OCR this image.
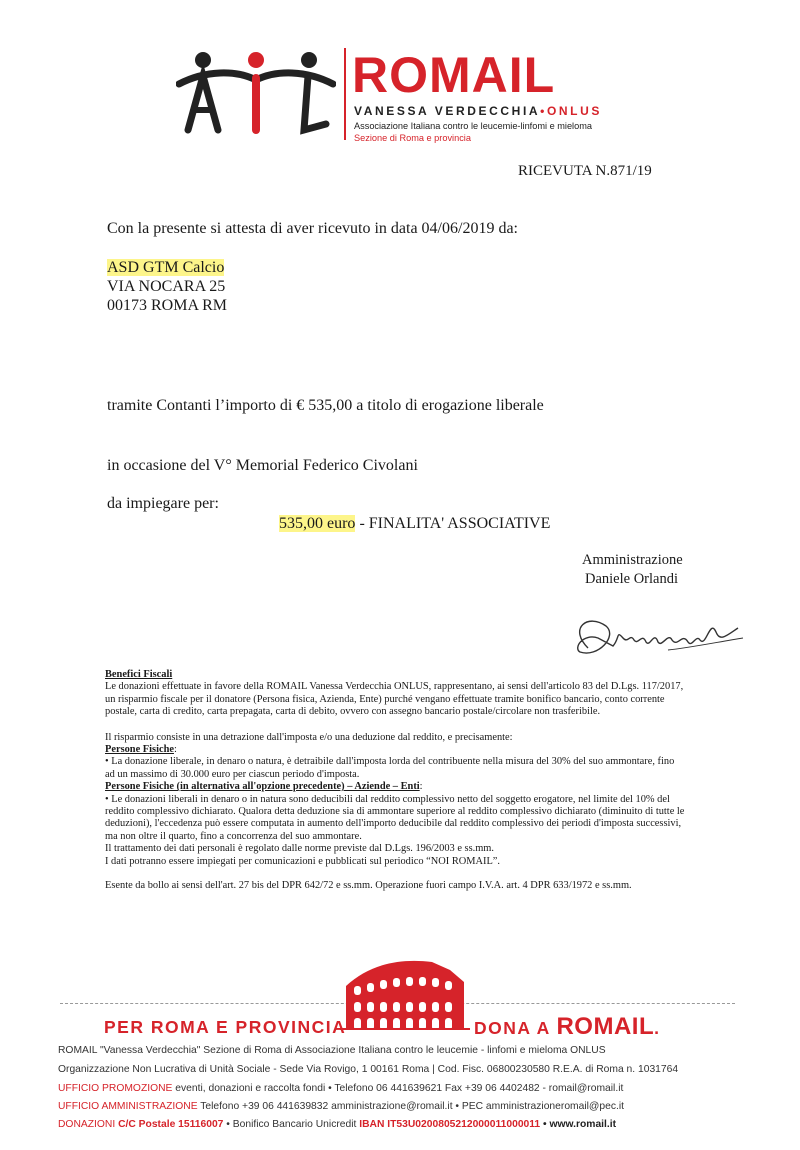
ROMAIL
VANESSA VERDECCHIA•ONLUS
Associazione Italiana contro le leucemie-linfomi e mieloma
Sezione di Roma e provincia
RICEVUTA N.871/19
Con la presente si attesta di aver ricevuto in data 04/06/2019 da:
ASD GTM Calcio
VIA NOCARA 25
00173 ROMA RM
tramite Contanti l’importo di € 535,00 a titolo di erogazione liberale
in occasione del V° Memorial Federico Civolani
da impiegare per:
535,00 euro - FINALITA' ASSOCIATIVE
Amministrazione
Daniele Orlandi
Benefici Fiscali
Le donazioni effettuate in favore della ROMAIL Vanessa Verdecchia ONLUS, rappresentano, ai sensi dell'articolo 83 del D.Lgs. 117/2017,
un risparmio fiscale per il donatore (Persona fisica, Azienda, Ente) purché vengano effettuate tramite bonifico bancario, conto corrente
postale, carta di credito, carta prepagata, carta di debito, ovvero con assegno bancario postale/circolare non trasferibile.
Il risparmio consiste in una detrazione dall'imposta e/o una deduzione dal reddito, e precisamente:
Persone Fisiche:
• La donazione liberale, in denaro o natura, è detraibile dall'imposta lorda del contribuente nella misura del 30% del suo ammontare, fino
ad un massimo di 30.000 euro per ciascun periodo d'imposta.
Persone Fisiche (in alternativa all'opzione precedente) – Aziende – Enti:
• Le donazioni liberali in denaro o in natura sono deducibili dal reddito complessivo netto del soggetto erogatore, nel limite del 10% del
reddito complessivo dichiarato. Qualora detta deduzione sia di ammontare superiore al reddito complessivo dichiarato (diminuito di tutte le
deduzioni), l'eccedenza può essere computata in aumento dell'importo deducibile dal reddito complessivo dei periodi d'imposta successivi,
ma non oltre il quarto, fino a concorrenza del suo ammontare.
Il trattamento dei dati personali è regolato dalle norme previste dal D.Lgs. 196/2003 e ss.mm.
I dati potranno essere impiegati per comunicazioni e pubblicati sul periodico “NOI ROMAIL”.
Esente da bollo ai sensi dell'art. 27 bis del DPR 642/72 e ss.mm. Operazione fuori campo I.V.A. art. 4 DPR 633/1972 e ss.mm.
PER ROMA E PROVINCIA	DONA A ROMAIL.
ROMAIL "Vanessa Verdecchia" Sezione di Roma di Associazione Italiana contro le leucemie - linfomi e mieloma ONLUS
Organizzazione Non Lucrativa di Unità Sociale - Sede Via Rovigo, 1 00161 Roma | Cod. Fisc. 06800230580 R.E.A. di Roma n. 1031764
UFFICIO PROMOZIONE eventi, donazioni e raccolta fondi • Telefono 06 441639621 Fax +39 06 4402482 - romail@romail.it
UFFICIO AMMINISTRAZIONE Telefono +39 06 441639832 amministrazione@romail.it • PEC amministrazioneromail@pec.it
DONAZIONI C/C Postale 15116007 • Bonifico Bancario Unicredit IBAN IT53U0200805212000011000011 • www.romail.it
